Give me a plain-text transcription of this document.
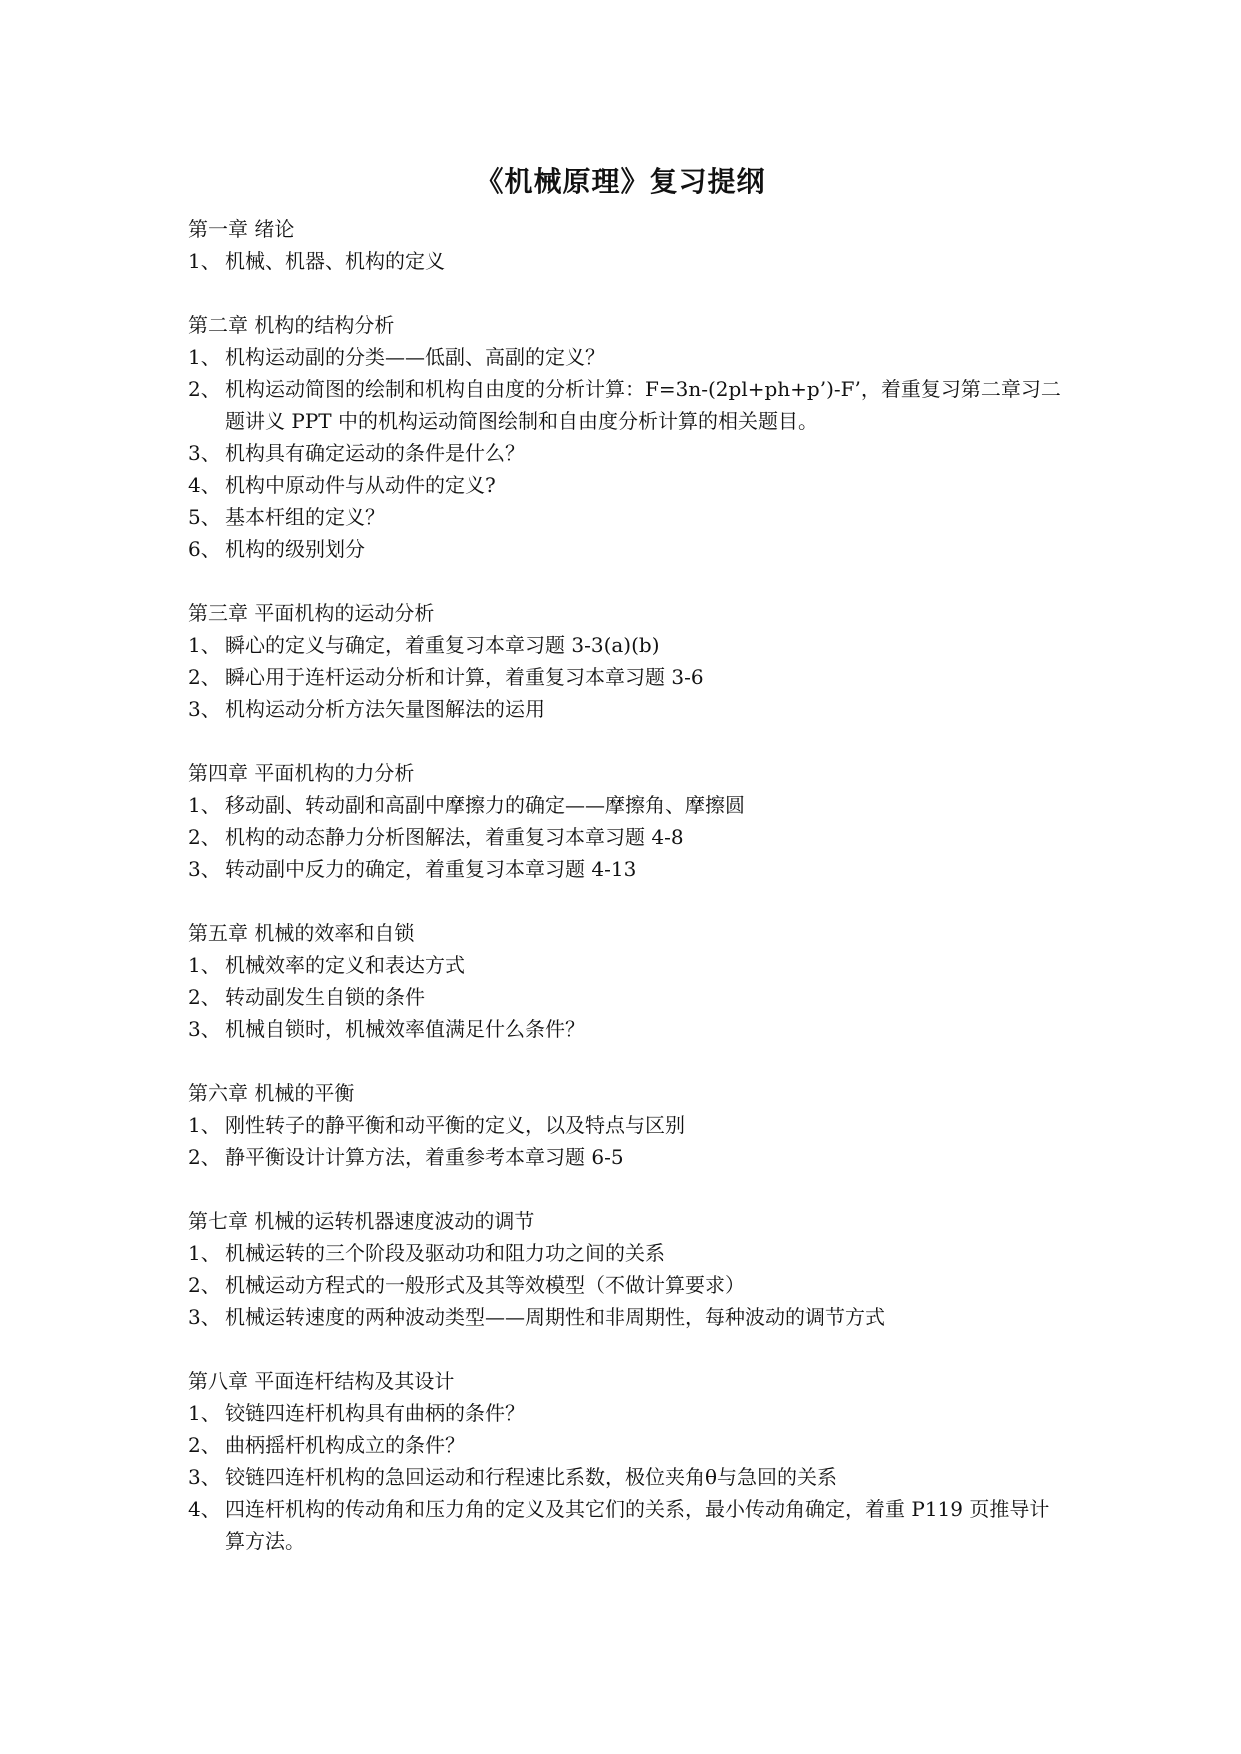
《机械原理》复习提纲
第一章 绪论
1、 机械、机器、机构的定义
第二章 机构的结构分析
1、 机构运动副的分类——低副、高副的定义？
2、 机构运动简图的绘制和机构自由度的分析计算：F=3n-(2pl+ph+p’)-F’，着重复习第二章习二题讲义 PPT 中的机构运动简图绘制和自由度分析计算的相关题目。
3、 机构具有确定运动的条件是什么？
4、 机构中原动件与从动件的定义?
5、 基本杆组的定义？
6、 机构的级别划分
第三章 平面机构的运动分析
1、 瞬心的定义与确定，着重复习本章习题 3-3(a)(b)
2、 瞬心用于连杆运动分析和计算，着重复习本章习题 3-6
3、 机构运动分析方法矢量图解法的运用
第四章 平面机构的力分析
1、 移动副、转动副和高副中摩擦力的确定——摩擦角、摩擦圆
2、 机构的动态静力分析图解法，着重复习本章习题 4-8
3、 转动副中反力的确定，着重复习本章习题 4-13
第五章 机械的效率和自锁
1、 机械效率的定义和表达方式
2、 转动副发生自锁的条件
3、 机械自锁时，机械效率值满足什么条件？
第六章 机械的平衡
1、 刚性转子的静平衡和动平衡的定义，以及特点与区别
2、 静平衡设计计算方法，着重参考本章习题 6-5
第七章 机械的运转机器速度波动的调节
1、 机械运转的三个阶段及驱动功和阻力功之间的关系
2、 机械运动方程式的一般形式及其等效模型（不做计算要求）
3、 机械运转速度的两种波动类型——周期性和非周期性，每种波动的调节方式
第八章 平面连杆结构及其设计
1、 铰链四连杆机构具有曲柄的条件？
2、 曲柄摇杆机构成立的条件？
3、 铰链四连杆机构的急回运动和行程速比系数，极位夹角θ与急回的关系
4、 四连杆机构的传动角和压力角的定义及其它们的关系，最小传动角确定，着重 P119 页推导计算方法。
